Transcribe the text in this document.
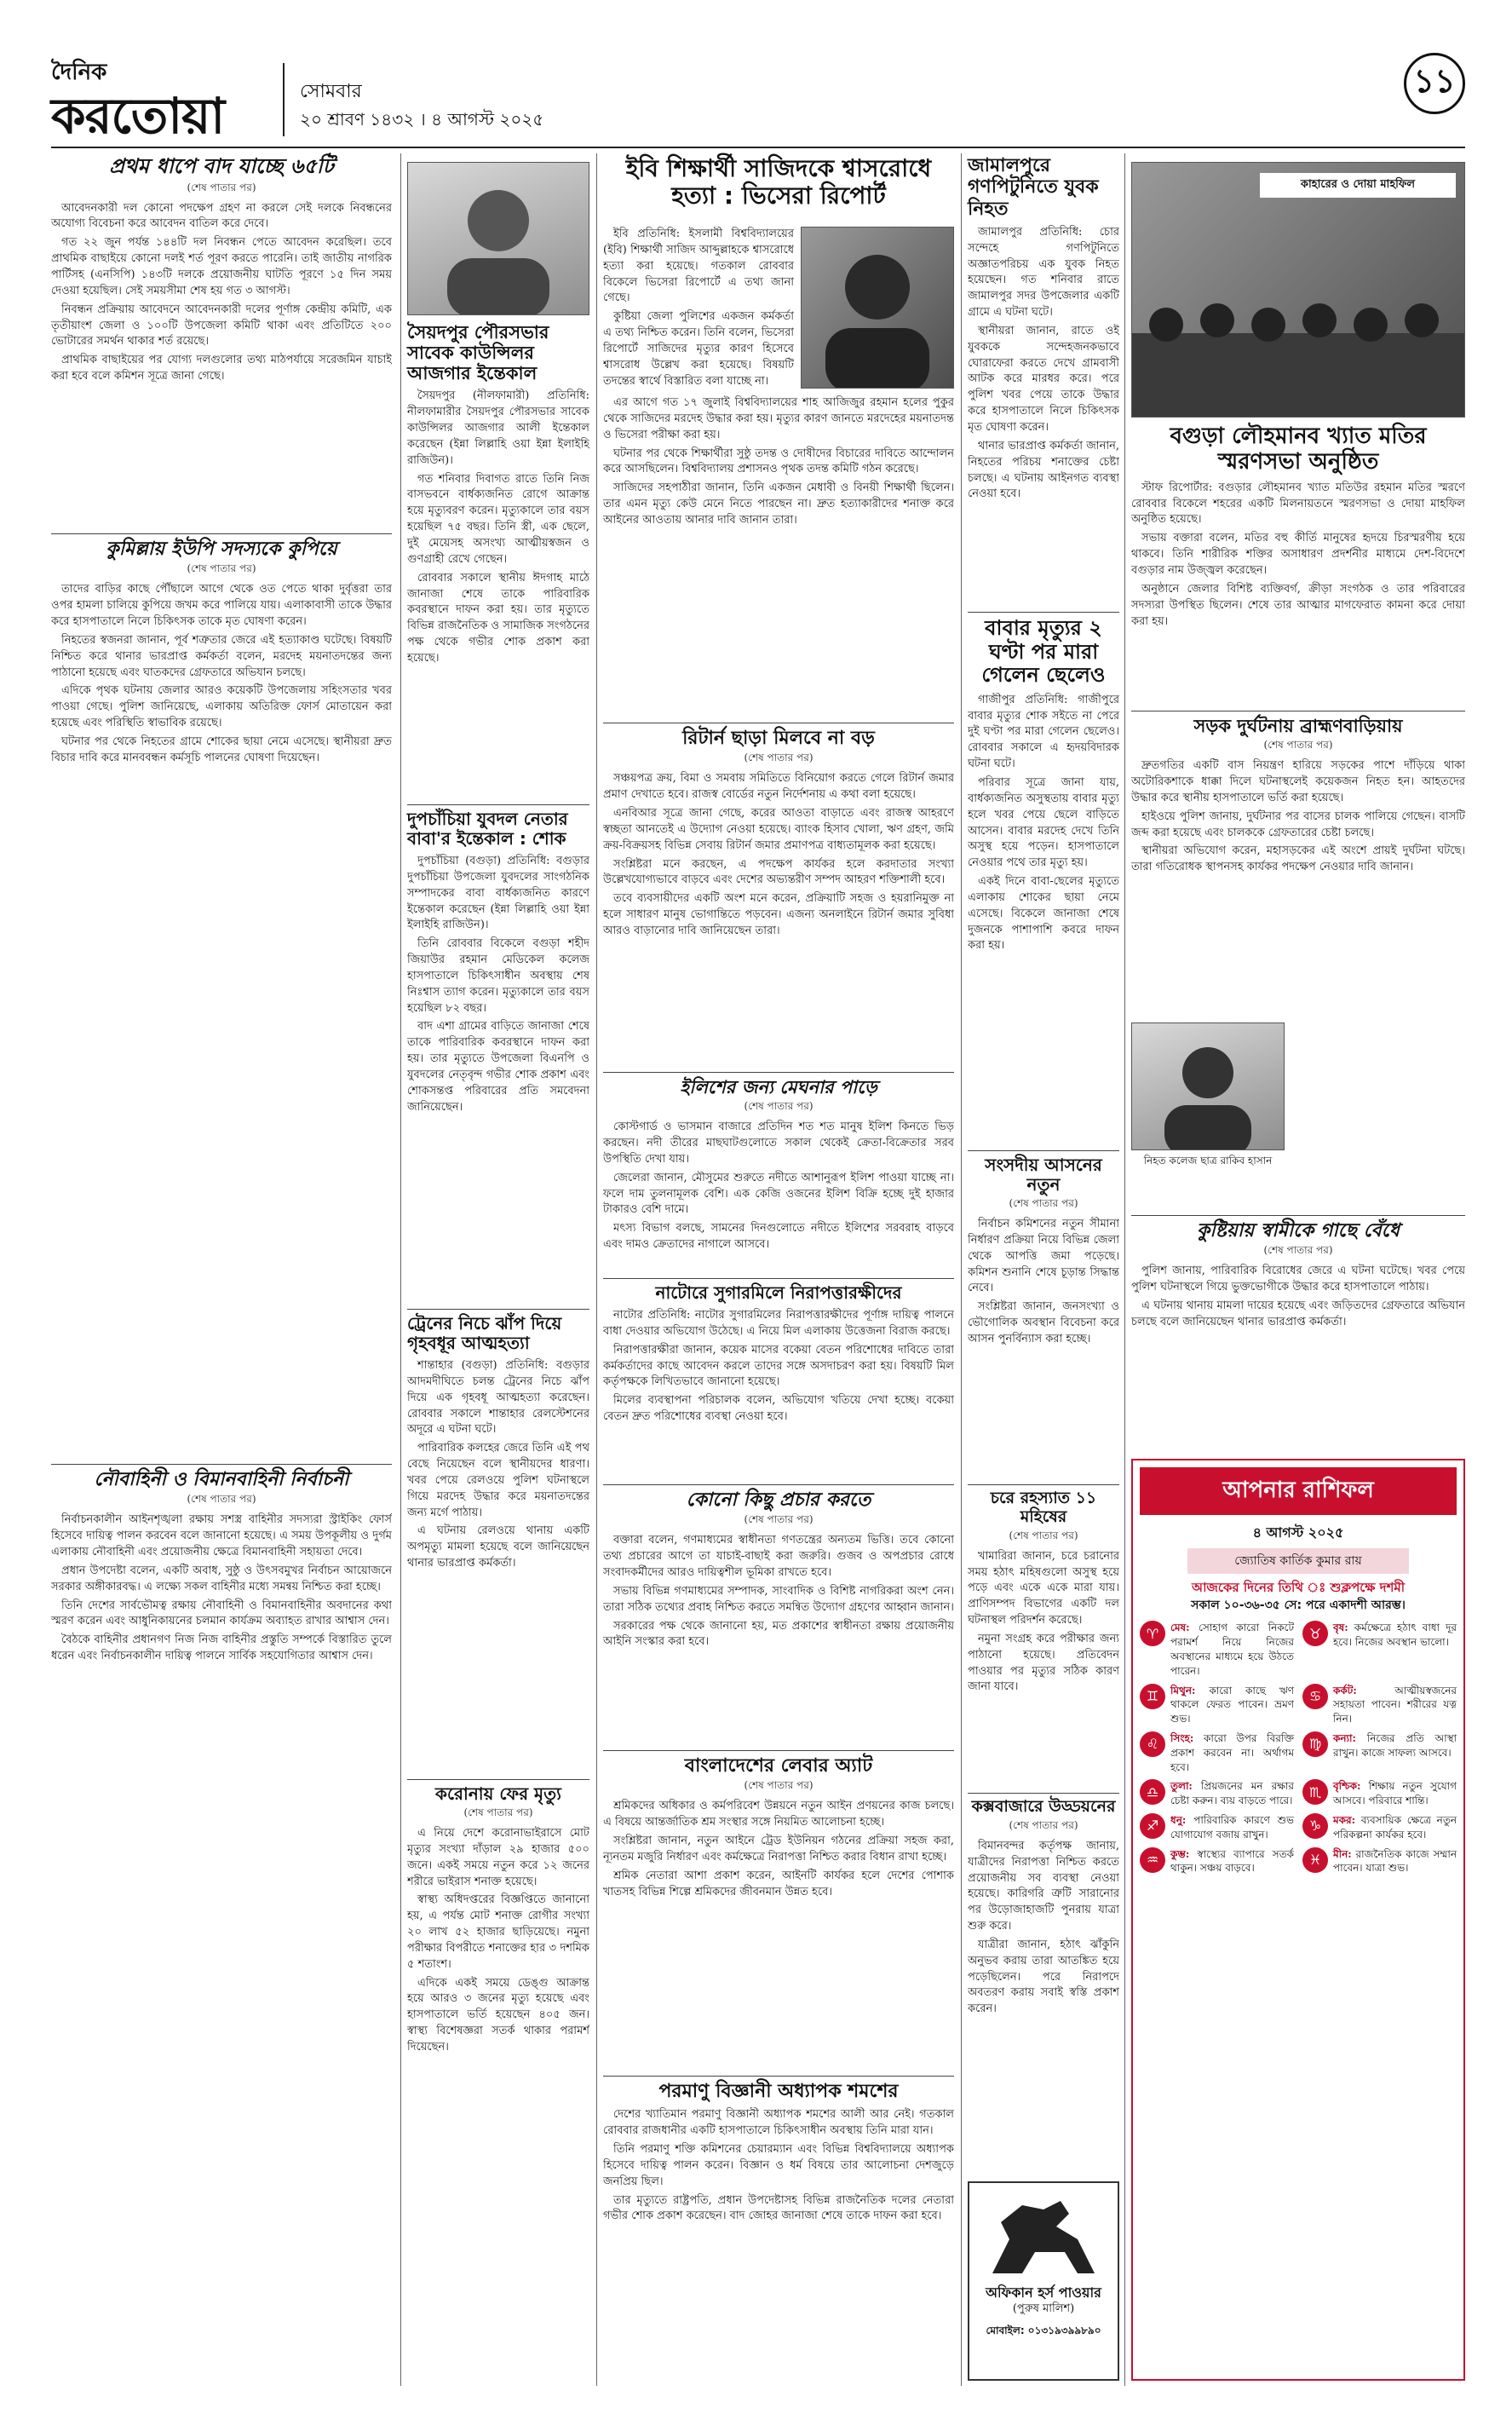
দৈনিক
করতোয়া	সোমবার
২০ শ্রাবণ ১৪৩২ । ৪ আগস্ট ২০২৫
১১
প্রথম ধাপে বাদ যাচ্ছে ৬৫টি
(শেষ পাতার পর)

আবেদনকারী দল কোনো পদক্ষেপ গ্রহণ না করলে সেই দলকে নিবন্ধনের অযোগ্য বিবেচনা করে আবেদন বাতিল করে দেবে।

গত ২২ জুন পর্যন্ত ১৪৪টি দল নিবন্ধন পেতে আবেদন করেছিল। তবে প্রাথমিক বাছাইয়ে কোনো দলই শর্ত পূরণ করতে পারেনি। তাই জাতীয় নাগরিক পার্টিসহ (এনসিপি) ১৪৩টি দলকে প্রয়োজনীয় ঘাটতি পূরণে ১৫ দিন সময় দেওয়া হয়েছিল। সেই সময়সীমা শেষ হয় গত ৩ আগস্ট।

নিবন্ধন প্রক্রিয়ায় আবেদনে আবেদনকারী দলের পূর্ণাঙ্গ কেন্দ্রীয় কমিটি, এক তৃতীয়াংশ জেলা ও ১০০টি উপজেলা কমিটি থাকা এবং প্রতিটিতে ২০০ ভোটারের সমর্থন থাকার শর্ত রয়েছে।

প্রাথমিক বাছাইয়ের পর যোগ্য দলগুলোর তথ্য মাঠপর্যায়ে সরেজমিন যাচাই করা হবে বলে কমিশন সূত্রে জানা গেছে।

কুমিল্লায় ইউপি সদস্যকে কুপিয়ে
(শেষ পাতার পর)

তাদের বাড়ির কাছে পৌঁছালে আগে থেকে ওত পেতে থাকা দুর্বৃত্তরা তার ওপর হামলা চালিয়ে কুপিয়ে জখম করে পালিয়ে যায়। এলাকাবাসী তাকে উদ্ধার করে হাসপাতালে নিলে চিকিৎসক তাকে মৃত ঘোষণা করেন।

নিহতের স্বজনরা জানান, পূর্ব শত্রুতার জেরে এই হত্যাকাণ্ড ঘটেছে। বিষয়টি নিশ্চিত করে থানার ভারপ্রাপ্ত কর্মকর্তা বলেন, মরদেহ ময়নাতদন্তের জন্য পাঠানো হয়েছে এবং ঘাতকদের গ্রেফতারে অভিযান চলছে।

এদিকে পৃথক ঘটনায় জেলার আরও কয়েকটি উপজেলায় সহিংসতার খবর পাওয়া গেছে। পুলিশ জানিয়েছে, এলাকায় অতিরিক্ত ফোর্স মোতায়েন করা হয়েছে এবং পরিস্থিতি স্বাভাবিক রয়েছে।

ঘটনার পর থেকে নিহতের গ্রামে শোকের ছায়া নেমে এসেছে। স্থানীয়রা দ্রুত বিচার দাবি করে মানববন্ধন কর্মসূচি পালনের ঘোষণা দিয়েছেন।

নৌবাহিনী ও বিমানবাহিনী নির্বাচনী
(শেষ পাতার পর)

নির্বাচনকালীন আইনশৃঙ্খলা রক্ষায় সশস্ত্র বাহিনীর সদস্যরা স্ট্রাইকিং ফোর্স হিসেবে দায়িত্ব পালন করবেন বলে জানানো হয়েছে। এ সময় উপকূলীয় ও দুর্গম এলাকায় নৌবাহিনী এবং প্রয়োজনীয় ক্ষেত্রে বিমানবাহিনী সহায়তা দেবে।

প্রধান উপদেষ্টা বলেন, একটি অবাধ, সুষ্ঠু ও উৎসবমুখর নির্বাচন আয়োজনে সরকার অঙ্গীকারবদ্ধ। এ লক্ষ্যে সকল বাহিনীর মধ্যে সমন্বয় নিশ্চিত করা হচ্ছে।

তিনি দেশের সার্বভৌমত্ব রক্ষায় নৌবাহিনী ও বিমানবাহিনীর অবদানের কথা স্মরণ করেন এবং আধুনিকায়নের চলমান কার্যক্রম অব্যাহত রাখার আশ্বাস দেন।

বৈঠকে বাহিনীর প্রধানগণ নিজ নিজ বাহিনীর প্রস্তুতি সম্পর্কে বিস্তারিত তুলে ধরেন এবং নির্বাচনকালীন দায়িত্ব পালনে সার্বিক সহযোগিতার আশ্বাস দেন।

সৈয়দপুর পৌরসভার সাবেক কাউন্সিলর আজগার ইন্তেকাল

সৈয়দপুর (নীলফামারী) প্রতিনিধি: নীলফামারীর সৈয়দপুর পৌরসভার সাবেক কাউন্সিলর আজগার আলী ইন্তেকাল করেছেন (ইন্না লিল্লাহি ওয়া ইন্না ইলাইহি রাজিউন)।

গত শনিবার দিবাগত রাতে তিনি নিজ বাসভবনে বার্ধক্যজনিত রোগে আক্রান্ত হয়ে মৃত্যুবরণ করেন। মৃত্যুকালে তার বয়স হয়েছিল ৭৫ বছর। তিনি স্ত্রী, এক ছেলে, দুই মেয়েসহ অসংখ্য আত্মীয়স্বজন ও গুণগ্রাহী রেখে গেছেন।

রোববার সকালে স্থানীয় ঈদগাহ মাঠে জানাজা শেষে তাকে পারিবারিক কবরস্থানে দাফন করা হয়। তার মৃত্যুতে বিভিন্ন রাজনৈতিক ও সামাজিক সংগঠনের পক্ষ থেকে গভীর শোক প্রকাশ করা হয়েছে।

দুপচাঁচিয়া যুবদল নেতার বাবা'র ইন্তেকাল : শোক

দুপচাঁচিয়া (বগুড়া) প্রতিনিধি: বগুড়ার দুপচাঁচিয়া উপজেলা যুবদলের সাংগঠনিক সম্পাদকের বাবা বার্ধক্যজনিত কারণে ইন্তেকাল করেছেন (ইন্না লিল্লাহি ওয়া ইন্না ইলাইহি রাজিউন)।

তিনি রোববার বিকেলে বগুড়া শহীদ জিয়াউর রহমান মেডিকেল কলেজ হাসপাতালে চিকিৎসাধীন অবস্থায় শেষ নিঃশ্বাস ত্যাগ করেন। মৃত্যুকালে তার বয়স হয়েছিল ৮২ বছর।

বাদ এশা গ্রামের বাড়িতে জানাজা শেষে তাকে পারিবারিক কবরস্থানে দাফন করা হয়। তার মৃত্যুতে উপজেলা বিএনপি ও যুবদলের নেতৃবৃন্দ গভীর শোক প্রকাশ এবং শোকসন্তপ্ত পরিবারের প্রতি সমবেদনা জানিয়েছেন।

ট্রেনের নিচে ঝাঁপ দিয়ে গৃহবধূর আত্মহত্যা

শান্তাহার (বগুড়া) প্রতিনিধি: বগুড়ার আদমদীঘিতে চলন্ত ট্রেনের নিচে ঝাঁপ দিয়ে এক গৃহবধূ আত্মহত্যা করেছেন। রোববার সকালে শান্তাহার রেলস্টেশনের অদূরে এ ঘটনা ঘটে।

পারিবারিক কলহের জেরে তিনি এই পথ বেছে নিয়েছেন বলে স্থানীয়দের ধারণা। খবর পেয়ে রেলওয়ে পুলিশ ঘটনাস্থলে গিয়ে মরদেহ উদ্ধার করে ময়নাতদন্তের জন্য মর্গে পাঠায়।

এ ঘটনায় রেলওয়ে থানায় একটি অপমৃত্যু মামলা হয়েছে বলে জানিয়েছেন থানার ভারপ্রাপ্ত কর্মকর্তা।

করোনায় ফের মৃত্যু
(শেষ পাতার পর)

এ নিয়ে দেশে করোনাভাইরাসে মোট মৃত্যুর সংখ্যা দাঁড়াল ২৯ হাজার ৫০০ জনে। একই সময়ে নতুন করে ১২ জনের শরীরে ভাইরাস শনাক্ত হয়েছে।

স্বাস্থ্য অধিদপ্তরের বিজ্ঞপ্তিতে জানানো হয়, এ পর্যন্ত মোট শনাক্ত রোগীর সংখ্যা ২০ লাখ ৫২ হাজার ছাড়িয়েছে। নমুনা পরীক্ষার বিপরীতে শনাক্তের হার ৩ দশমিক ৫ শতাংশ।

এদিকে একই সময়ে ডেঙ্গু আক্রান্ত হয়ে আরও ৩ জনের মৃত্যু হয়েছে এবং হাসপাতালে ভর্তি হয়েছেন ৪০৫ জন। স্বাস্থ্য বিশেষজ্ঞরা সতর্ক থাকার পরামর্শ দিয়েছেন।

ইবি শিক্ষার্থী সাজিদকে শ্বাসরোধে হত্যা : ভিসেরা রিপোর্ট

ইবি প্রতিনিধি: ইসলামী বিশ্ববিদ্যালয়ের (ইবি) শিক্ষার্থী সাজিদ আব্দুল্লাহকে শ্বাসরোধে হত্যা করা হয়েছে। গতকাল রোববার বিকেলে ভিসেরা রিপোর্টে এ তথ্য জানা গেছে।

কুষ্টিয়া জেলা পুলিশের একজন কর্মকর্তা এ তথ্য নিশ্চিত করেন। তিনি বলেন, ভিসেরা রিপোর্টে সাজিদের মৃত্যুর কারণ হিসেবে শ্বাসরোধ উল্লেখ করা হয়েছে। বিষয়টি তদন্তের স্বার্থে বিস্তারিত বলা যাচ্ছে না।

এর আগে গত ১৭ জুলাই বিশ্ববিদ্যালয়ের শাহ আজিজুর রহমান হলের পুকুর থেকে সাজিদের মরদেহ উদ্ধার করা হয়। মৃত্যুর কারণ জানতে মরদেহের ময়নাতদন্ত ও ভিসেরা পরীক্ষা করা হয়।

ঘটনার পর থেকে শিক্ষার্থীরা সুষ্ঠু তদন্ত ও দোষীদের বিচারের দাবিতে আন্দোলন করে আসছিলেন। বিশ্ববিদ্যালয় প্রশাসনও পৃথক তদন্ত কমিটি গঠন করেছে।

সাজিদের সহপাঠীরা জানান, তিনি একজন মেধাবী ও বিনয়ী শিক্ষার্থী ছিলেন। তার এমন মৃত্যু কেউ মেনে নিতে পারছেন না। দ্রুত হত্যাকারীদের শনাক্ত করে আইনের আওতায় আনার দাবি জানান তারা।

রিটার্ন ছাড়া মিলবে না বড়
(শেষ পাতার পর)

সঞ্চয়পত্র ক্রয়, বিমা ও সমবায় সমিতিতে বিনিয়োগ করতে গেলে রিটার্ন জমার প্রমাণ দেখাতে হবে। রাজস্ব বোর্ডের নতুন নির্দেশনায় এ কথা বলা হয়েছে।

এনবিআর সূত্রে জানা গেছে, করের আওতা বাড়াতে এবং রাজস্ব আহরণে স্বচ্ছতা আনতেই এ উদ্যোগ নেওয়া হয়েছে। ব্যাংক হিসাব খোলা, ঋণ গ্রহণ, জমি ক্রয়-বিক্রয়সহ বিভিন্ন সেবায় রিটার্ন জমার প্রমাণপত্র বাধ্যতামূলক করা হয়েছে।

সংশ্লিষ্টরা মনে করছেন, এ পদক্ষেপ কার্যকর হলে করদাতার সংখ্যা উল্লেখযোগ্যভাবে বাড়বে এবং দেশের অভ্যন্তরীণ সম্পদ আহরণ শক্তিশালী হবে।

তবে ব্যবসায়ীদের একটি অংশ মনে করেন, প্রক্রিয়াটি সহজ ও হয়রানিমুক্ত না হলে সাধারণ মানুষ ভোগান্তিতে পড়বেন। এজন্য অনলাইনে রিটার্ন জমার সুবিধা আরও বাড়ানোর দাবি জানিয়েছেন তারা।

ইলিশের জন্য মেঘনার পাড়ে
(শেষ পাতার পর)

কোস্টগার্ড ও ভাসমান বাজারে প্রতিদিন শত শত মানুষ ইলিশ কিনতে ভিড় করছেন। নদী তীরের মাছঘাটগুলোতে সকাল থেকেই ক্রেতা-বিক্রেতার সরব উপস্থিতি দেখা যায়।

জেলেরা জানান, মৌসুমের শুরুতে নদীতে আশানুরূপ ইলিশ পাওয়া যাচ্ছে না। ফলে দাম তুলনামূলক বেশি। এক কেজি ওজনের ইলিশ বিক্রি হচ্ছে দুই হাজার টাকারও বেশি দামে।

মৎস্য বিভাগ বলছে, সামনের দিনগুলোতে নদীতে ইলিশের সরবরাহ বাড়বে এবং দামও ক্রেতাদের নাগালে আসবে।

নাটোরে সুগারমিলে নিরাপত্তারক্ষীদের

নাটোর প্রতিনিধি: নাটোর সুগারমিলের নিরাপত্তারক্ষীদের পূর্ণাঙ্গ দায়িত্ব পালনে বাধা দেওয়ার অভিযোগ উঠেছে। এ নিয়ে মিল এলাকায় উত্তেজনা বিরাজ করছে।

নিরাপত্তারক্ষীরা জানান, কয়েক মাসের বকেয়া বেতন পরিশোধের দাবিতে তারা কর্মকর্তাদের কাছে আবেদন করলে তাদের সঙ্গে অসদাচরণ করা হয়। বিষয়টি মিল কর্তৃপক্ষকে লিখিতভাবে জানানো হয়েছে।

মিলের ব্যবস্থাপনা পরিচালক বলেন, অভিযোগ খতিয়ে দেখা হচ্ছে। বকেয়া বেতন দ্রুত পরিশোধের ব্যবস্থা নেওয়া হবে।

কোনো কিছু প্রচার করতে
(শেষ পাতার পর)

বক্তারা বলেন, গণমাধ্যমের স্বাধীনতা গণতন্ত্রের অন্যতম ভিত্তি। তবে কোনো তথ্য প্রচারের আগে তা যাচাই-বাছাই করা জরুরি। গুজব ও অপপ্রচার রোধে সংবাদকর্মীদের আরও দায়িত্বশীল ভূমিকা রাখতে হবে।

সভায় বিভিন্ন গণমাধ্যমের সম্পাদক, সাংবাদিক ও বিশিষ্ট নাগরিকরা অংশ নেন। তারা সঠিক তথ্যের প্রবাহ নিশ্চিত করতে সমন্বিত উদ্যোগ গ্রহণের আহ্বান জানান।

সরকারের পক্ষ থেকে জানানো হয়, মত প্রকাশের স্বাধীনতা রক্ষায় প্রয়োজনীয় আইনি সংস্কার করা হবে।

বাংলাদেশের লেবার অ্যাট
(শেষ পাতার পর)

শ্রমিকদের অধিকার ও কর্মপরিবেশ উন্নয়নে নতুন আইন প্রণয়নের কাজ চলছে। এ বিষয়ে আন্তর্জাতিক শ্রম সংস্থার সঙ্গে নিয়মিত আলোচনা হচ্ছে।

সংশ্লিষ্টরা জানান, নতুন আইনে ট্রেড ইউনিয়ন গঠনের প্রক্রিয়া সহজ করা, ন্যূনতম মজুরি নির্ধারণ এবং কর্মক্ষেত্রে নিরাপত্তা নিশ্চিত করার বিধান রাখা হচ্ছে।

শ্রমিক নেতারা আশা প্রকাশ করেন, আইনটি কার্যকর হলে দেশের পোশাক খাতসহ বিভিন্ন শিল্পে শ্রমিকদের জীবনমান উন্নত হবে।

পরমাণু বিজ্ঞানী অধ্যাপক শমশের

দেশের খ্যাতিমান পরমাণু বিজ্ঞানী অধ্যাপক শমশের আলী আর নেই। গতকাল রোববার রাজধানীর একটি হাসপাতালে চিকিৎসাধীন অবস্থায় তিনি মারা যান।

তিনি পরমাণু শক্তি কমিশনের চেয়ারম্যান এবং বিভিন্ন বিশ্ববিদ্যালয়ে অধ্যাপক হিসেবে দায়িত্ব পালন করেন। বিজ্ঞান ও ধর্ম বিষয়ে তার আলোচনা দেশজুড়ে জনপ্রিয় ছিল।

তার মৃত্যুতে রাষ্ট্রপতি, প্রধান উপদেষ্টাসহ বিভিন্ন রাজনৈতিক দলের নেতারা গভীর শোক প্রকাশ করেছেন। বাদ জোহর জানাজা শেষে তাকে দাফন করা হবে।

জামালপুরে গণপিটুনিতে যুবক নিহত

জামালপুর প্রতিনিধি: চোর সন্দেহে গণপিটুনিতে অজ্ঞাতপরিচয় এক যুবক নিহত হয়েছেন। গত শনিবার রাতে জামালপুর সদর উপজেলার একটি গ্রামে এ ঘটনা ঘটে।

স্থানীয়রা জানান, রাতে ওই যুবককে সন্দেহজনকভাবে ঘোরাফেরা করতে দেখে গ্রামবাসী আটক করে মারধর করে। পরে পুলিশ খবর পেয়ে তাকে উদ্ধার করে হাসপাতালে নিলে চিকিৎসক মৃত ঘোষণা করেন।

থানার ভারপ্রাপ্ত কর্মকর্তা জানান, নিহতের পরিচয় শনাক্তের চেষ্টা চলছে। এ ঘটনায় আইনগত ব্যবস্থা নেওয়া হবে।

বাবার মৃত্যুর ২ ঘণ্টা পর মারা গেলেন ছেলেও

গাজীপুর প্রতিনিধি: গাজীপুরে বাবার মৃত্যুর শোক সইতে না পেরে দুই ঘণ্টা পর মারা গেলেন ছেলেও। রোববার সকালে এ হৃদয়বিদারক ঘটনা ঘটে।

পরিবার সূত্রে জানা যায়, বার্ধক্যজনিত অসুস্থতায় বাবার মৃত্যু হলে খবর পেয়ে ছেলে বাড়িতে আসেন। বাবার মরদেহ দেখে তিনি অসুস্থ হয়ে পড়েন। হাসপাতালে নেওয়ার পথে তার মৃত্যু হয়।

একই দিনে বাবা-ছেলের মৃত্যুতে এলাকায় শোকের ছায়া নেমে এসেছে। বিকেলে জানাজা শেষে দুজনকে পাশাপাশি কবরে দাফন করা হয়।

সংসদীয় আসনের নতুন
(শেষ পাতার পর)

নির্বাচন কমিশনের নতুন সীমানা নির্ধারণ প্রক্রিয়া নিয়ে বিভিন্ন জেলা থেকে আপত্তি জমা পড়েছে। কমিশন শুনানি শেষে চূড়ান্ত সিদ্ধান্ত নেবে।

সংশ্লিষ্টরা জানান, জনসংখ্যা ও ভৌগোলিক অবস্থান বিবেচনা করে আসন পুনর্বিন্যাস করা হচ্ছে।

চরে রহস্যাত ১১ মহিষের
(শেষ পাতার পর)

খামারিরা জানান, চরে চরানোর সময় হঠাৎ মহিষগুলো অসুস্থ হয়ে পড়ে এবং একে একে মারা যায়। প্রাণিসম্পদ বিভাগের একটি দল ঘটনাস্থল পরিদর্শন করেছে।

নমুনা সংগ্রহ করে পরীক্ষার জন্য পাঠানো হয়েছে। প্রতিবেদন পাওয়ার পর মৃত্যুর সঠিক কারণ জানা যাবে।

কক্সবাজারে উড্ডয়নের
(শেষ পাতার পর)

বিমানবন্দর কর্তৃপক্ষ জানায়, যাত্রীদের নিরাপত্তা নিশ্চিত করতে প্রয়োজনীয় সব ব্যবস্থা নেওয়া হয়েছে। কারিগরি ত্রুটি সারানোর পর উড়োজাহাজটি পুনরায় যাত্রা শুরু করে।

যাত্রীরা জানান, হঠাৎ ঝাঁকুনি অনুভব করায় তারা আতঙ্কিত হয়ে পড়েছিলেন। পরে নিরাপদে অবতরণ করায় সবাই স্বস্তি প্রকাশ করেন।

অফিকান হর্স পাওয়ার
(পুরুষ মালিশ)
মোবাইল: ০১৩১৯৩৯৯৮৯০
কাহারের ও দোয়া মাহফিল
বগুড়া লৌহমানব খ্যাত মতির স্মরণসভা অনুষ্ঠিত

স্টাফ রিপোর্টার: বগুড়ার লৌহমানব খ্যাত মতিউর রহমান মতির স্মরণে রোববার বিকেলে শহরের একটি মিলনায়তনে স্মরণসভা ও দোয়া মাহফিল অনুষ্ঠিত হয়েছে।

সভায় বক্তারা বলেন, মতির বহু কীর্তি মানুষের হৃদয়ে চিরস্মরণীয় হয়ে থাকবে। তিনি শারীরিক শক্তির অসাধারণ প্রদর্শনীর মাধ্যমে দেশ-বিদেশে বগুড়ার নাম উজ্জ্বল করেছেন।

অনুষ্ঠানে জেলার বিশিষ্ট ব্যক্তিবর্গ, ক্রীড়া সংগঠক ও তার পরিবারের সদস্যরা উপস্থিত ছিলেন। শেষে তার আত্মার মাগফেরাত কামনা করে দোয়া করা হয়।

সড়ক দুর্ঘটনায় ব্রাহ্মণবাড়িয়ায়
(শেষ পাতার পর)

দ্রুতগতির একটি বাস নিয়ন্ত্রণ হারিয়ে সড়কের পাশে দাঁড়িয়ে থাকা অটোরিকশাকে ধাক্কা দিলে ঘটনাস্থলেই কয়েকজন নিহত হন। আহতদের উদ্ধার করে স্থানীয় হাসপাতালে ভর্তি করা হয়েছে।

হাইওয়ে পুলিশ জানায়, দুর্ঘটনার পর বাসের চালক পালিয়ে গেছেন। বাসটি জব্দ করা হয়েছে এবং চালককে গ্রেফতারের চেষ্টা চলছে।

স্থানীয়রা অভিযোগ করেন, মহাসড়কের এই অংশে প্রায়ই দুর্ঘটনা ঘটছে। তারা গতিরোধক স্থাপনসহ কার্যকর পদক্ষেপ নেওয়ার দাবি জানান।

নিহত কলেজ ছাত্র রাকিব হাসান
কুষ্টিয়ায় স্বামীকে গাছে বেঁধে
(শেষ পাতার পর)

পুলিশ জানায়, পারিবারিক বিরোধের জেরে এ ঘটনা ঘটেছে। খবর পেয়ে পুলিশ ঘটনাস্থলে গিয়ে ভুক্তভোগীকে উদ্ধার করে হাসপাতালে পাঠায়।

এ ঘটনায় থানায় মামলা দায়ের হয়েছে এবং জড়িতদের গ্রেফতারে অভিযান চলছে বলে জানিয়েছেন থানার ভারপ্রাপ্ত কর্মকর্তা।

আপনার রাশিফল
৪ আগস্ট ২০২৫
জ্যোতিষ কার্তিক কুমার রায়
আজকের দিনের তিথি ঃ শুক্লপক্ষে দশমী
সকাল ১০-৩৬-৩৫ সে: পরে একাদশী আরম্ভ।
♈	মেষ: সোহাগ কারো নিকটে পরামর্শ নিয়ে নিজের অবস্থানের মাধ্যমে হয়ে উঠতে পারেন।
♉	বৃষ: কর্মক্ষেত্রে হঠাৎ বাধা দূর হবে। নিজের অবস্থান ভালো।
♊	মিথুন: কারো কাছে ঋণ থাকলে ফেরত পাবেন। ভ্রমণ শুভ।
♋	কর্কট:	আত্মীয়স্বজনের সহায়তা পাবেন। শরীরের যত্ন নিন।
♌	সিংহ: কারো উপর বিরক্তি প্রকাশ করবেন না। অর্থাগম হবে।
♍	কন্যা: নিজের প্রতি আস্থা রাখুন। কাজে সাফল্য আসবে।
♎	তুলা: প্রিয়জনের মন রক্ষার চেষ্টা করুন। ব্যয় বাড়তে পারে।
♏	বৃশ্চিক: শিক্ষায় নতুন সুযোগ আসবে। পরিবারে শান্তি।
♐	ধনু: পারিবারিক কারণে শুভ যোগাযোগ বজায় রাখুন।
♑	মকর: ব্যবসায়িক ক্ষেত্রে নতুন পরিকল্পনা কার্যকর হবে।
♒	কুম্ভ: স্বাস্থ্যের ব্যাপারে সতর্ক থাকুন। সঞ্চয় বাড়বে।
♓	মীন: রাজনৈতিক কাজে সম্মান পাবেন। যাত্রা শুভ।
